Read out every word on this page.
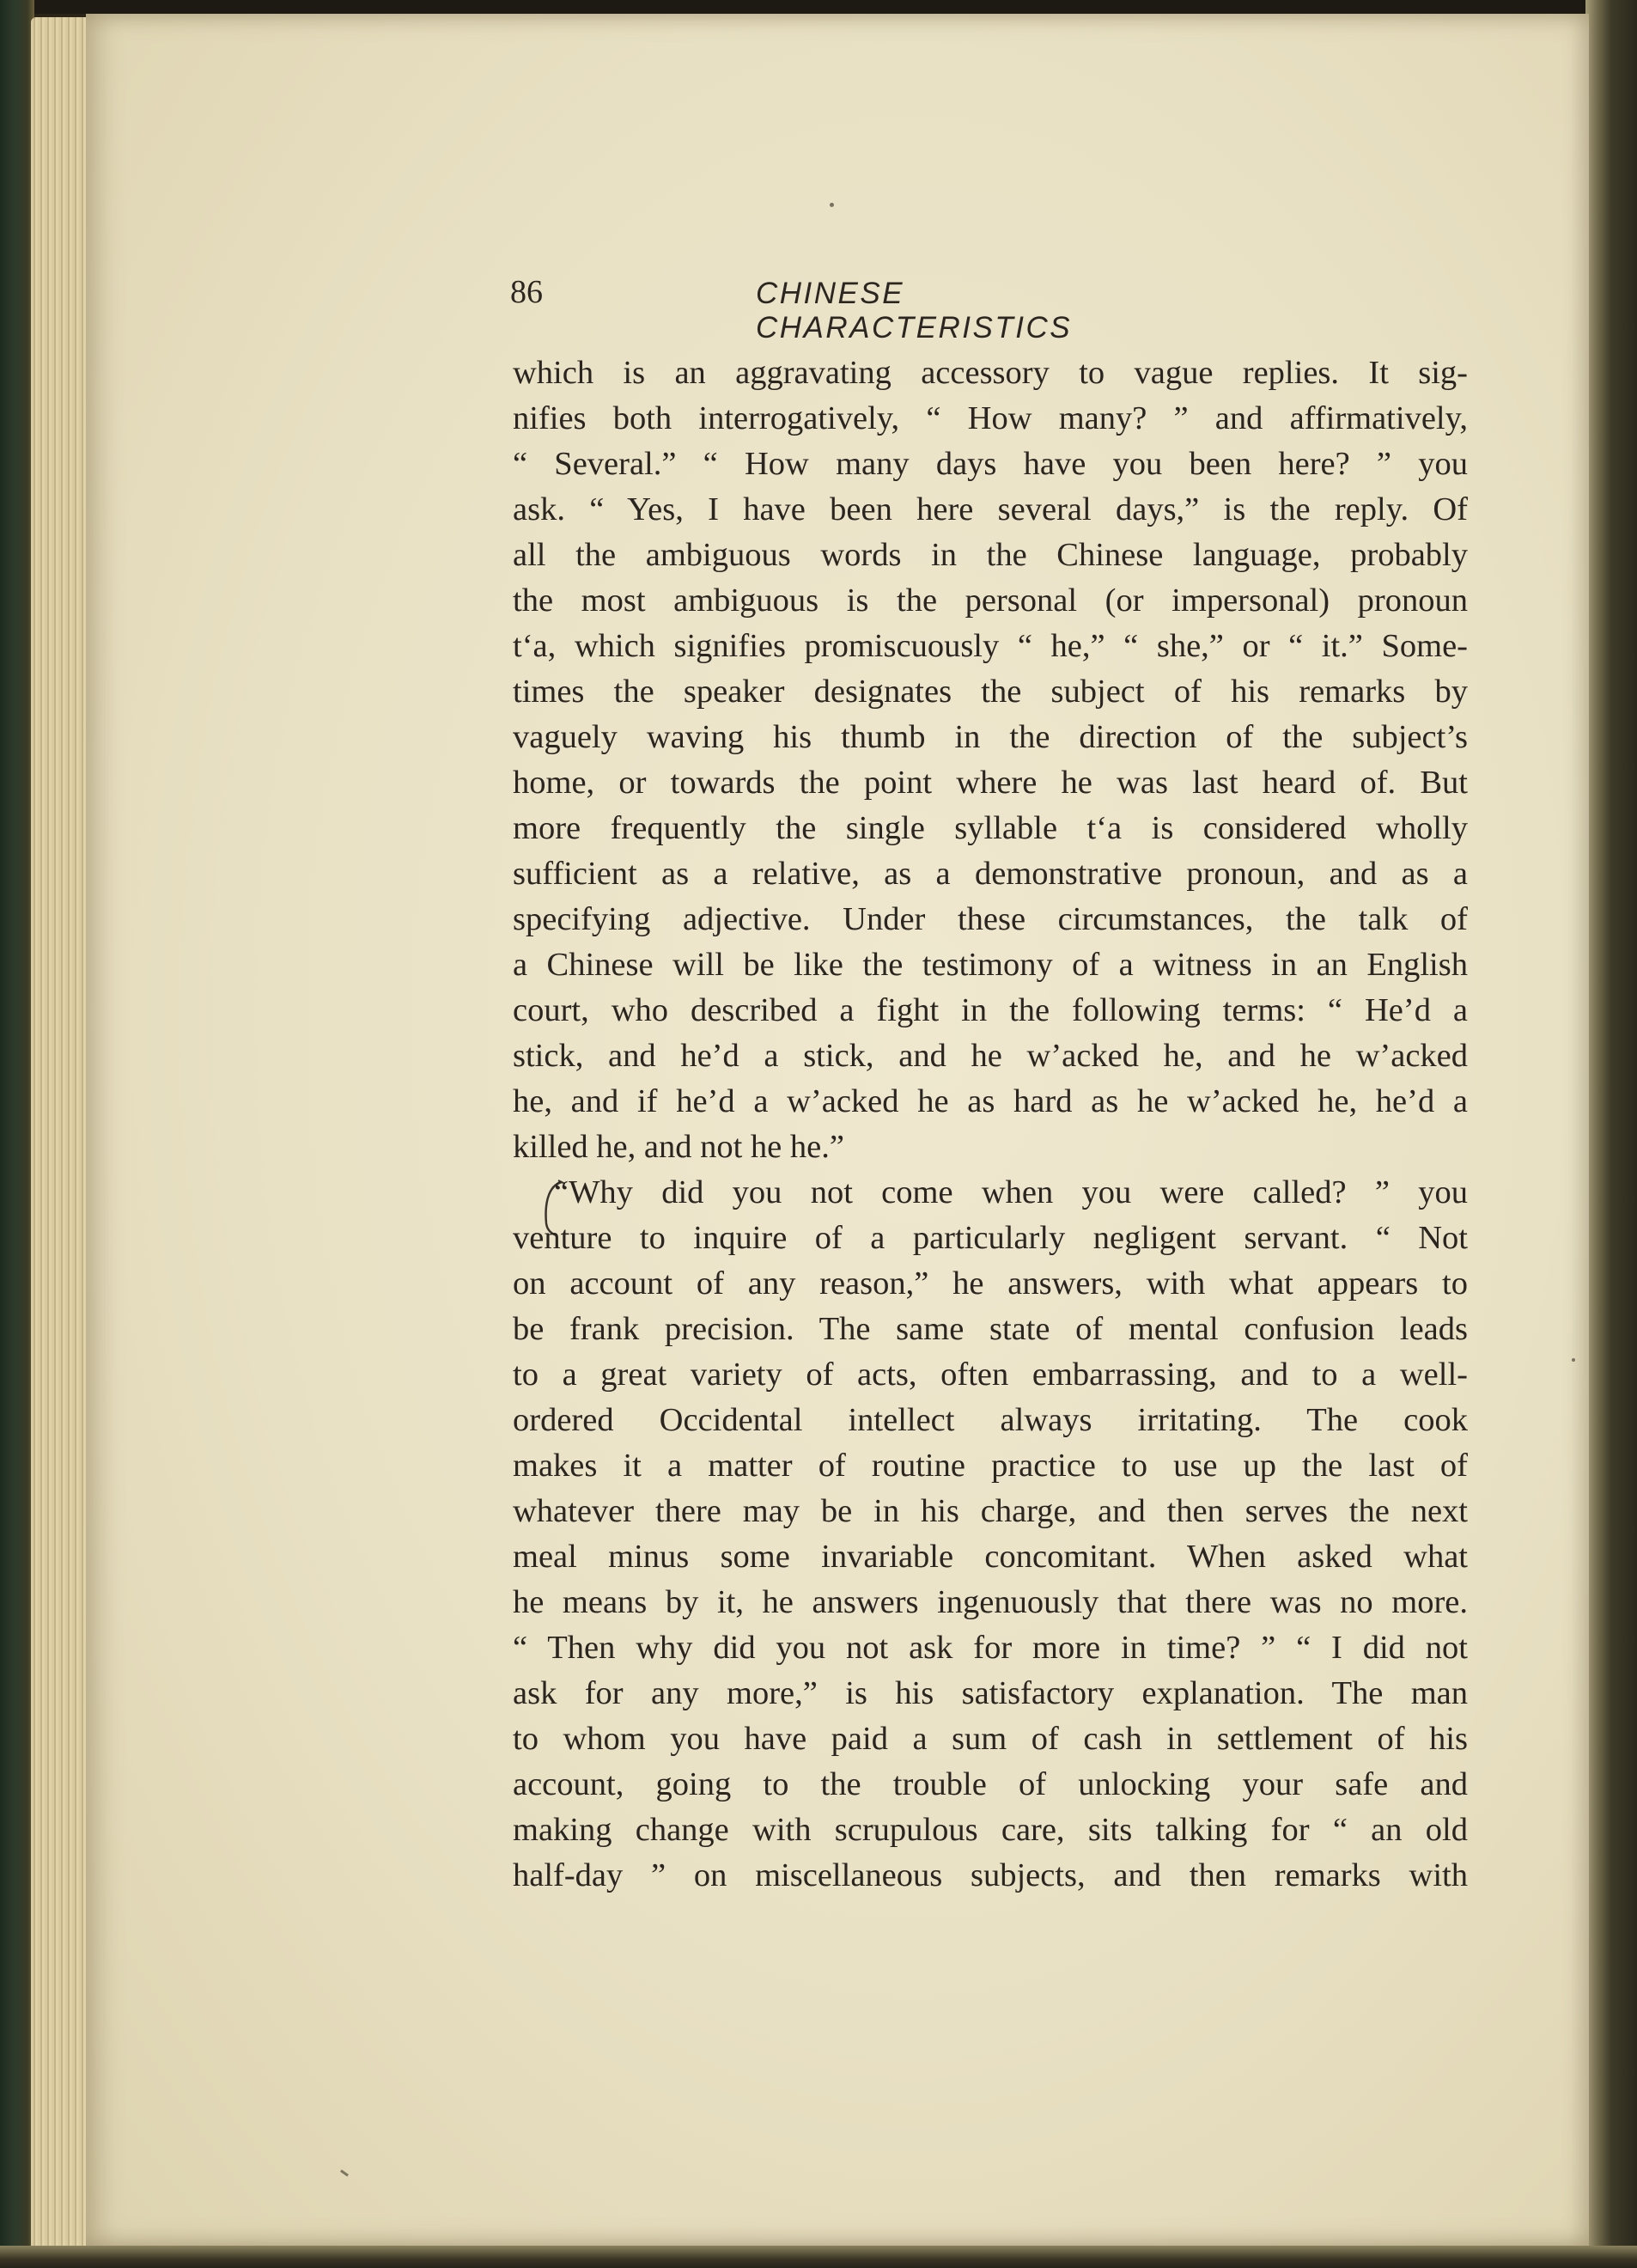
86	CHINESE CHARACTERISTICS
which is an aggravating accessory to vague replies. It sig-
nifies both interrogatively, “ How many? ” and affirmatively,
“ Several.” “ How many days have you been here? ” you
ask. “ Yes, I have been here several days,” is the reply. Of
all the ambiguous words in the Chinese language, probably
the most ambiguous is the personal (or impersonal) pronoun
t‘a, which signifies promiscuously “ he,” “ she,” or “ it.” Some-
times the speaker designates the subject of his remarks by
vaguely waving his thumb in the direction of the subject’s
home, or towards the point where he was last heard of. But
more frequently the single syllable t‘a is considered wholly
sufficient as a relative, as a demonstrative pronoun, and as a
specifying adjective. Under these circumstances, the talk of
a Chinese will be like the testimony of a witness in an English
court, who described a fight in the following terms: “ He’d a
stick, and he’d a stick, and he w’acked he, and he w’acked
he, and if he’d a w’acked he as hard as he w’acked he, he’d a
killed he, and not he he.”
“Why did you not come when you were called? ” you
venture to inquire of a particularly negligent servant. “ Not
on account of any reason,” he answers, with what appears to
be frank precision. The same state of mental confusion leads
to a great variety of acts, often embarrassing, and to a well-
ordered Occidental intellect always irritating. The cook
makes it a matter of routine practice to use up the last of
whatever there may be in his charge, and then serves the next
meal minus some invariable concomitant. When asked what
he means by it, he answers ingenuously that there was no more.
“ Then why did you not ask for more in time? ” “ I did not
ask for any more,” is his satisfactory explanation. The man
to whom you have paid a sum of cash in settlement of his
account, going to the trouble of unlocking your safe and
making change with scrupulous care, sits talking for “ an old
half-day ” on miscellaneous subjects, and then remarks with
